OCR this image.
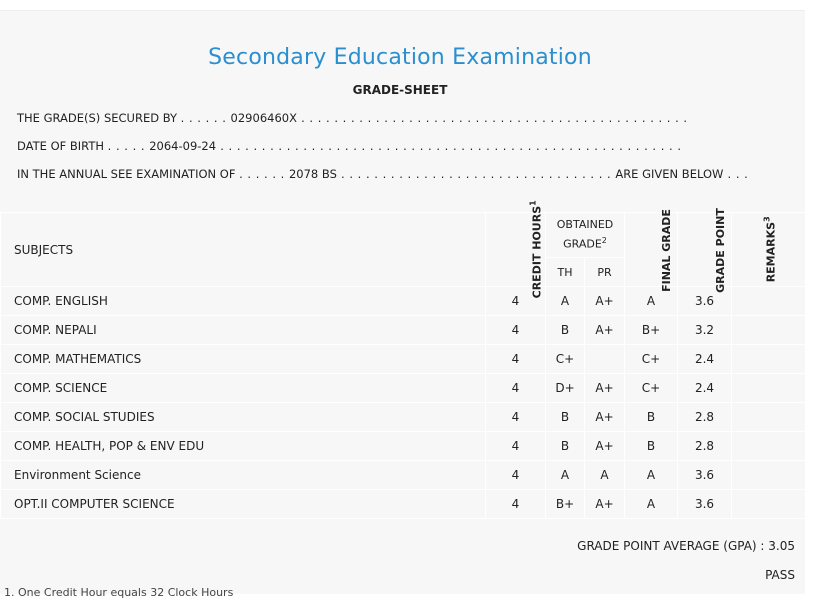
Secondary Education Examination
GRADE-SHEET
THE GRADE(S) SECURED BY . . . . . . 02906460X . . . . . . . . . . . . . . . . . . . . . . . . . . . . . . . . . . . . . . . . . . . . . . .
DATE OF BIRTH . . . . . 2064-09-24 . . . . . . . . . . . . . . . . . . . . . . . . . . . . . . . . . . . . . . . . . . . . . . . . . . . . . . . .
IN THE ANNUAL SEE EXAMINATION OF . . . . . . 2078 BS . . . . . . . . . . . . . . . . . . . . . . . . . . . . . . . . . ARE GIVEN BELOW . . .
SUBJECTS	CREDIT HOURS$^1$	OBTAINED GRADE$^2$		FINAL GRADE	GRADE POINT	REMARKS$^3$
		TH	PR			
COMP. ENGLISH	4	A	A+	A	3.6	
COMP. NEPALI	4	B	A+	B+	3.2	
COMP. MATHEMATICS	4	C+		C+	2.4	
COMP. SCIENCE	4	D+	A+	C+	2.4	
COMP. SOCIAL STUDIES	4	B	A+	B	2.8	
COMP. HEALTH, POP & ENV EDU	4	B	A+	B	2.8	
Environment Science	4	A	A	A	3.6	
OPT.II COMPUTER SCIENCE	4	B+	A+	A	3.6	
GRADE POINT AVERAGE (GPA) : 3.05
PASS
1. One Credit Hour equals 32 Clock Hours
